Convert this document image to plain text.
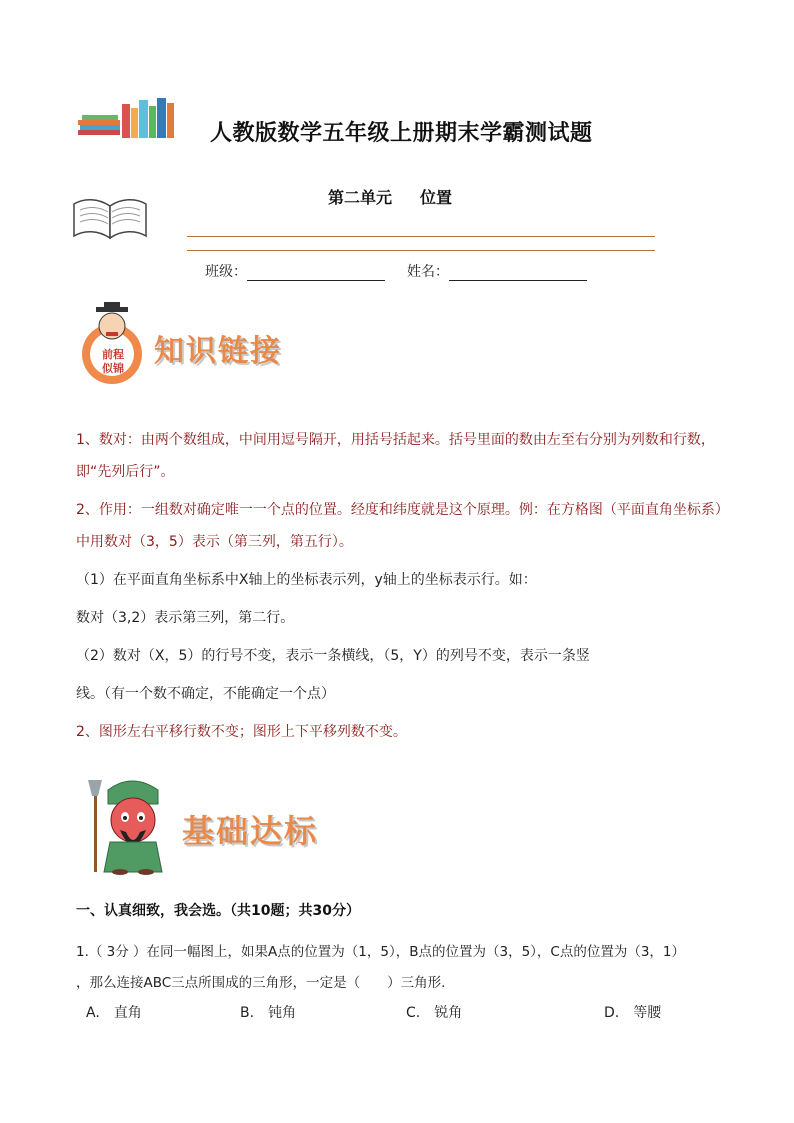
人教版数学五年级上册期末学霸测试题
第二单元 位置
班级：	姓名：
前程
似锦 知识链接
1、数对：由两个数组成，中间用逗号隔开，用括号括起来。括号里面的数由左至右分别为列数和行数，
即“先列后行”。
2、作用：一组数对确定唯一一个点的位置。经度和纬度就是这个原理。例：在方格图（平面直角坐标系）
中用数对（3，5）表示（第三列，第五行）。
（1）在平面直角坐标系中X轴上的坐标表示列，y轴上的坐标表示行。如：
数对（3,2）表示第三列，第二行。
（2）数对（X，5）的行号不变，表示一条横线，（5，Y）的列号不变，表示一条竖
线。（有一个数不确定，不能确定一个点）
2、图形左右平移行数不变；图形上下平移列数不变。
基础达标
一、认真细致，我会选。（共10题；共30分）
1.（ 3分 ）在同一幅图上，如果A点的位置为（1，5），B点的位置为（3，5），C点的位置为（3，1）
，那么连接ABC三点所围成的三角形，一定是（　　）三角形.
A.　直角	B.　钝角	C.　锐角	D.　等腰
